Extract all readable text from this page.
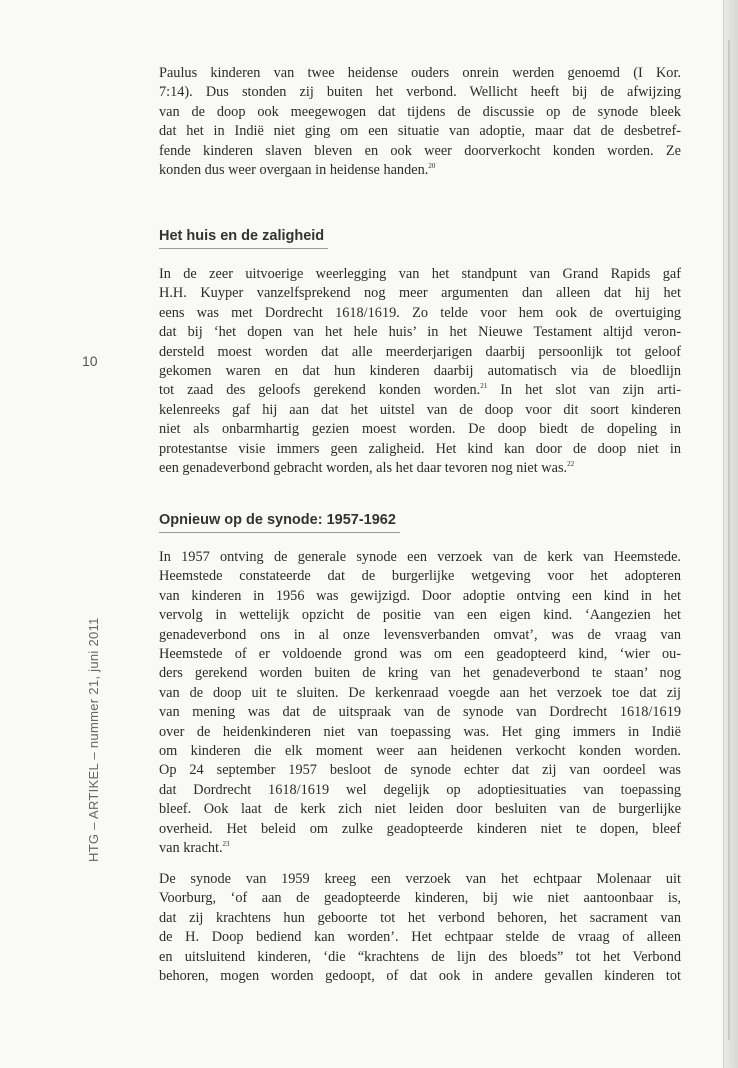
10
HTG – ARTIKEL – nummer 21, juni 2011
Paulus kinderen van twee heidense ouders onrein werden genoemd (I Kor.
7:14). Dus stonden zij buiten het verbond. Wellicht heeft bij de afwijzing
van de doop ook meegewogen dat tijdens de discussie op de synode bleek
dat het in Indië niet ging om een situatie van adoptie, maar dat de desbetref-
fende kinderen slaven bleven en ook weer doorverkocht konden worden. Ze
konden dus weer overgaan in heidense handen.$^{20}$
Het huis en de zaligheid
In de zeer uitvoerige weerlegging van het standpunt van Grand Rapids gaf
H.H. Kuyper vanzelfsprekend nog meer argumenten dan alleen dat hij het
eens was met Dordrecht 1618/1619. Zo telde voor hem ook de overtuiging
dat bij ‘het dopen van het hele huis’ in het Nieuwe Testament altijd veron-
dersteld moest worden dat alle meerderjarigen daarbij persoonlijk tot geloof
gekomen waren en dat hun kinderen daarbij automatisch via de bloedlijn
tot zaad des geloofs gerekend konden worden.$^{21}$ In het slot van zijn arti-
kelenreeks gaf hij aan dat het uitstel van de doop voor dit soort kinderen
niet als onbarmhartig gezien moest worden. De doop biedt de dopeling in
protestantse visie immers geen zaligheid. Het kind kan door de doop niet in
een genadeverbond gebracht worden, als het daar tevoren nog niet was.$^{22}$
Opnieuw op de synode: 1957-1962
In 1957 ontving de generale synode een verzoek van de kerk van Heemstede.
Heemstede constateerde dat de burgerlijke wetgeving voor het adopteren
van kinderen in 1956 was gewijzigd. Door adoptie ontving een kind in het
vervolg in wettelijk opzicht de positie van een eigen kind. ‘Aangezien het
genadeverbond ons in al onze levensverbanden omvat’, was de vraag van
Heemstede of er voldoende grond was om een geadopteerd kind, ‘wier ou-
ders gerekend worden buiten de kring van het genadeverbond te staan’ nog
van de doop uit te sluiten. De kerkenraad voegde aan het verzoek toe dat zij
van mening was dat de uitspraak van de synode van Dordrecht 1618/1619
over de heidenkinderen niet van toepassing was. Het ging immers in Indië
om kinderen die elk moment weer aan heidenen verkocht konden worden.
Op 24 september 1957 besloot de synode echter dat zij van oordeel was
dat Dordrecht 1618/1619 wel degelijk op adoptiesituaties van toepassing
bleef. Ook laat de kerk zich niet leiden door besluiten van de burgerlijke
overheid. Het beleid om zulke geadopteerde kinderen niet te dopen, bleef
van kracht.$^{23}$
De synode van 1959 kreeg een verzoek van het echtpaar Molenaar uit
Voorburg, ‘of aan de geadopteerde kinderen, bij wie niet aantoonbaar is,
dat zij krachtens hun geboorte tot het verbond behoren, het sacrament van
de H. Doop bediend kan worden’. Het echtpaar stelde de vraag of alleen
en uitsluitend kinderen, ‘die “krachtens de lijn des bloeds” tot het Verbond
behoren, mogen worden gedoopt, of dat ook in andere gevallen kinderen tot
